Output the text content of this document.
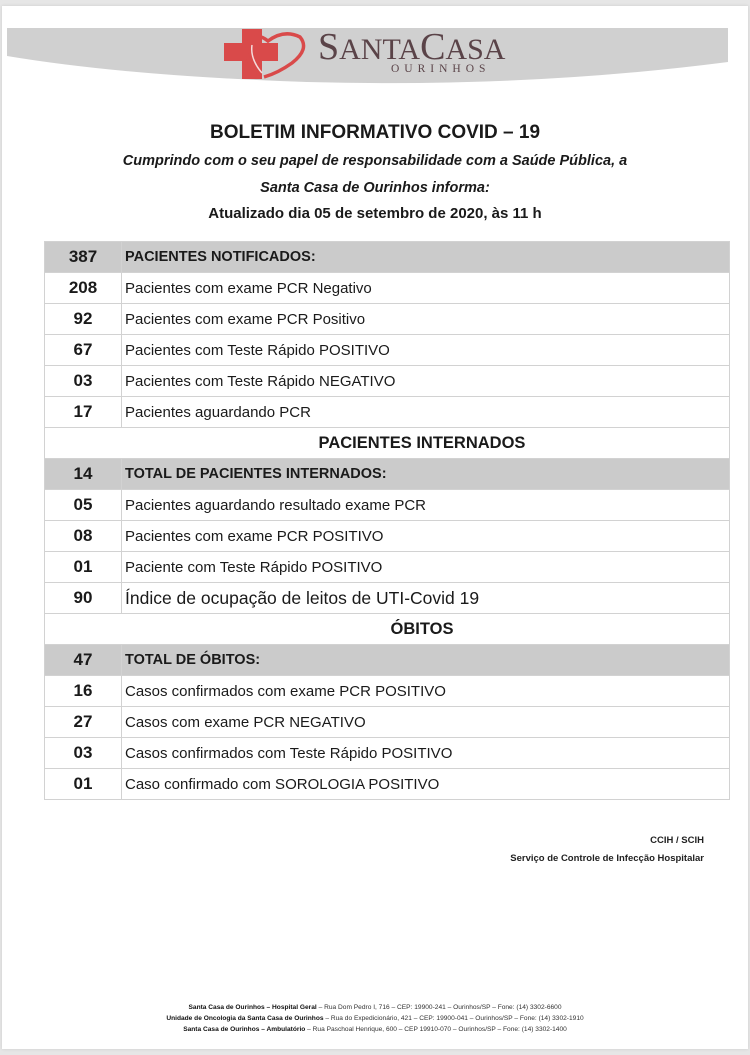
SANTACASA
OURINHOS
BOLETIM INFORMATIVO COVID – 19
Cumprindo com o seu papel de responsabilidade com a Saúde Pública, a
Santa Casa de Ourinhos informa:
Atualizado dia 05 de setembro de 2020, às 11 h
387	PACIENTES NOTIFICADOS:
208	Pacientes com exame PCR Negativo
92	Pacientes com exame PCR Positivo
67	Pacientes com Teste Rápido POSITIVO
03	Pacientes com Teste Rápido NEGATIVO
17	Pacientes aguardando PCR
PACIENTES INTERNADOS	
14	TOTAL DE PACIENTES INTERNADOS:
05	Pacientes aguardando resultado exame PCR
08	Pacientes com exame PCR POSITIVO
01	Paciente com Teste Rápido POSITIVO
90	Índice de ocupação de leitos de UTI-Covid 19
ÓBITOS	
47	TOTAL DE ÓBITOS:
16	Casos confirmados com exame PCR POSITIVO
27	Casos com exame PCR NEGATIVO
03	Casos confirmados com Teste Rápido POSITIVO
01	Caso confirmado com SOROLOGIA POSITIVO
CCIH / SCIH
Serviço de Controle de Infecção Hospitalar
Santa Casa de Ourinhos – Hospital Geral – Rua Dom Pedro I, 716 – CEP: 19900-241 – Ourinhos/SP – Fone: (14) 3302-6600
Unidade de Oncologia da Santa Casa de Ourinhos – Rua do Expedicionário, 421 – CEP: 19900-041 – Ourinhos/SP – Fone: (14) 3302-1910
Santa Casa de Ourinhos – Ambulatório – Rua Paschoal Henrique, 600 – CEP 19910-070 – Ourinhos/SP – Fone: (14) 3302-1400
